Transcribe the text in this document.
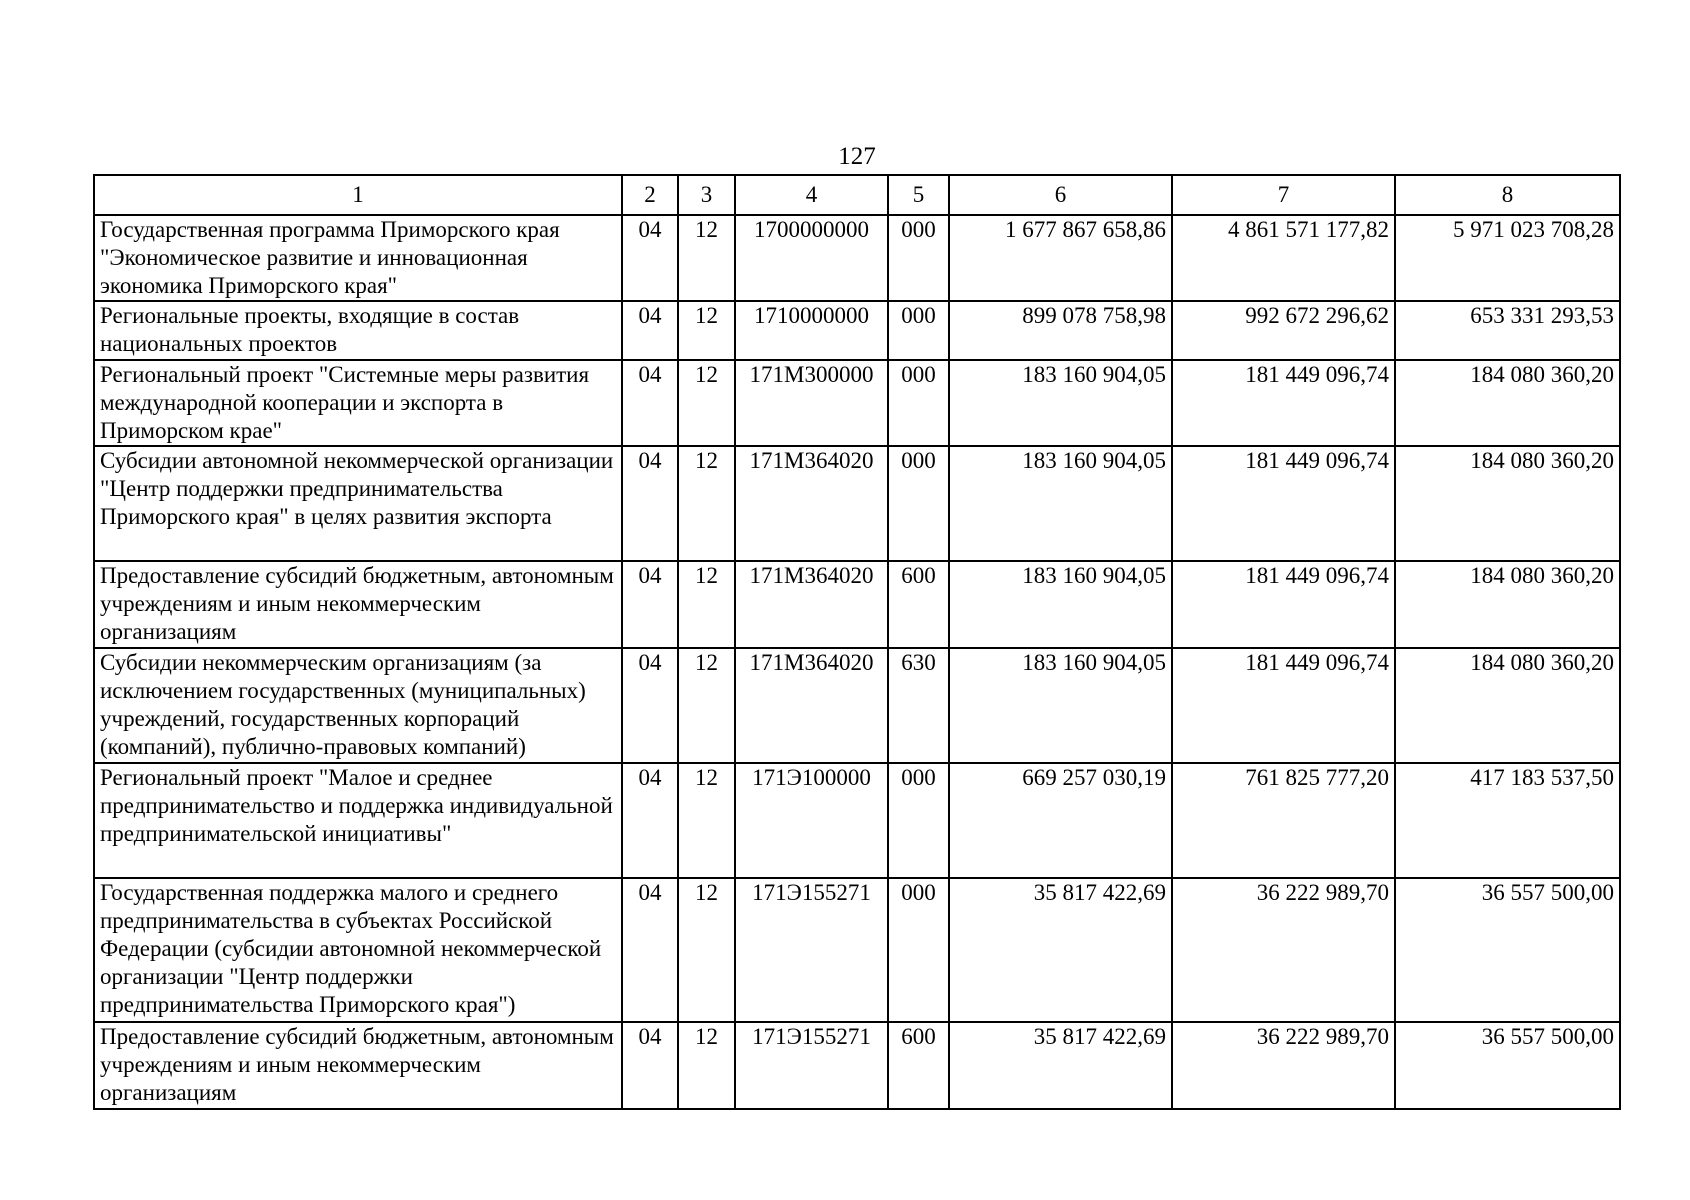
127
1	2	3	4	5	6	7	8
Государственная программа Приморского края "Экономическое развитие и инновационная экономика Приморского края"	04	12	1700000000	000	1 677 867 658,86	4 861 571 177,82	5 971 023 708,28
Региональные проекты, входящие в состав национальных проектов	04	12	1710000000	000	899 078 758,98	992 672 296,62	653 331 293,53
Региональный проект "Системные меры развития международной кооперации и экспорта в Приморском крае"	04	12	171М300000	000	183 160 904,05	181 449 096,74	184 080 360,20
Субсидии автономной некоммерческой организации "Центр поддержки предпринимательства Приморского края" в целях развития экспорта	04	12	171М364020	000	183 160 904,05	181 449 096,74	184 080 360,20
Предоставление субсидий бюджетным, автономным учреждениям и иным некоммерческим организациям	04	12	171М364020	600	183 160 904,05	181 449 096,74	184 080 360,20
Субсидии некоммерческим организациям (за исключением государственных (муниципальных) учреждений, государственных корпораций (компаний), публично-правовых компаний)	04	12	171М364020	630	183 160 904,05	181 449 096,74	184 080 360,20
Региональный проект "Малое и среднее предпринимательство и поддержка индивидуальной предпринимательской инициативы"	04	12	171Э100000	000	669 257 030,19	761 825 777,20	417 183 537,50
Государственная поддержка малого и среднего предпринимательства в субъектах Российской Федерации (субсидии автономной некоммерческой организации "Центр поддержки предпринимательства Приморского края")	04	12	171Э155271	000	35 817 422,69	36 222 989,70	36 557 500,00
Предоставление субсидий бюджетным, автономным учреждениям и иным некоммерческим организациям	04	12	171Э155271	600	35 817 422,69	36 222 989,70	36 557 500,00
